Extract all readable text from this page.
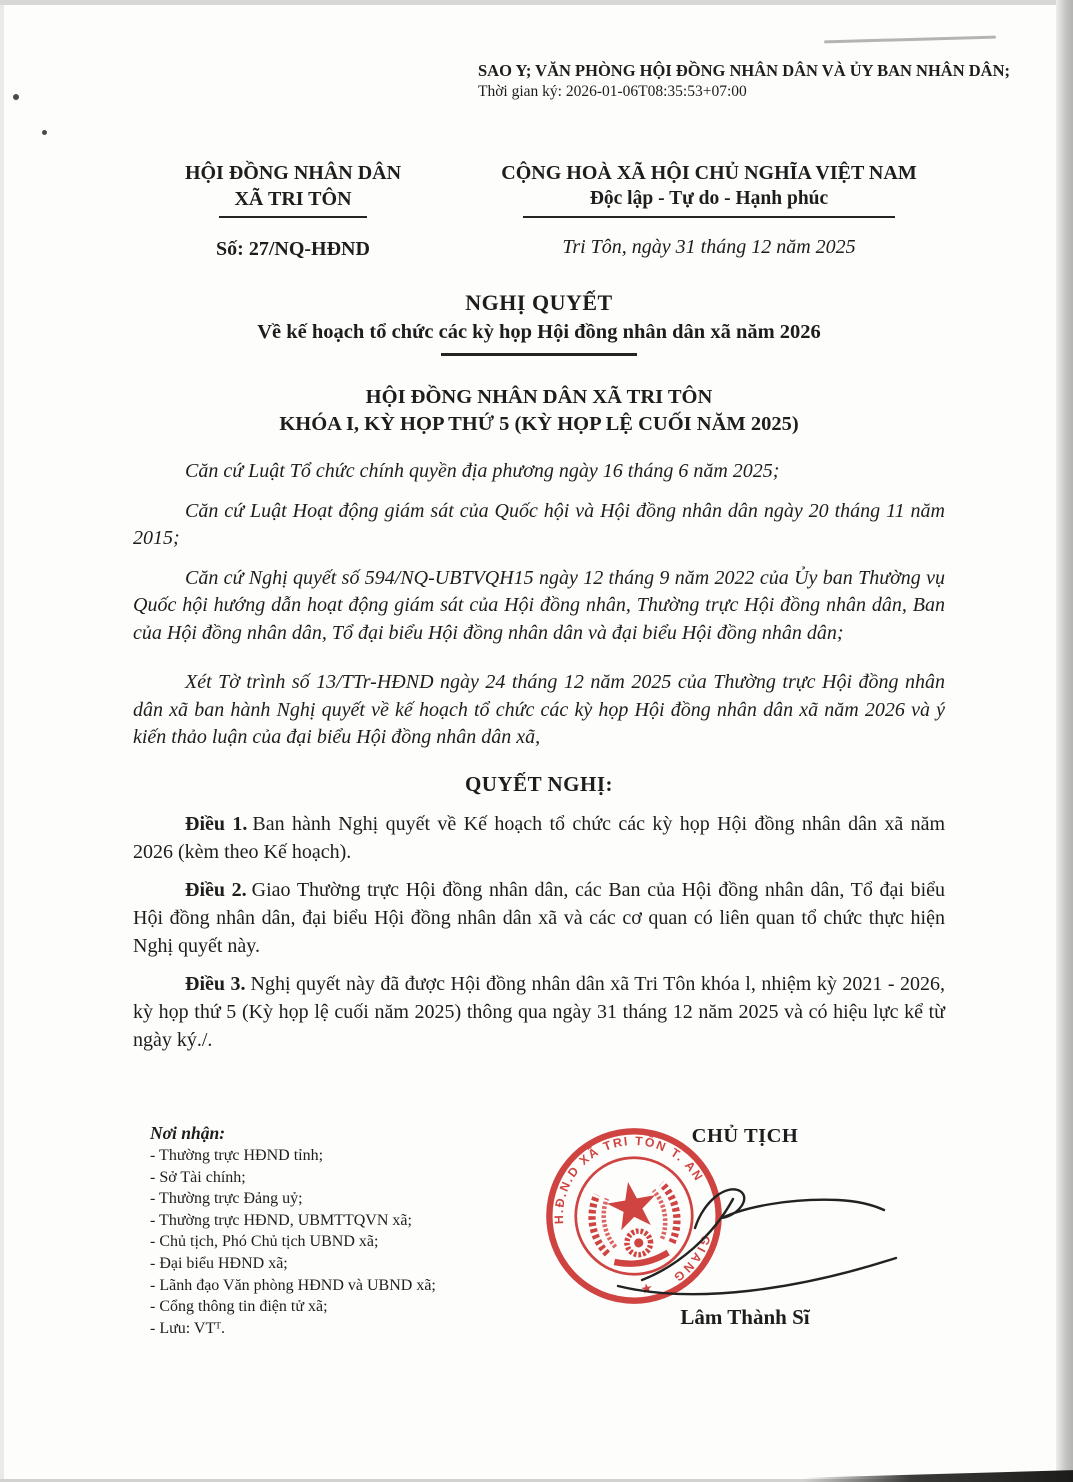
SAO Y; VĂN PHÒNG HỘI ĐỒNG NHÂN DÂN VÀ ỦY BAN NHÂN DÂN;
Thời gian ký: 2026-01-06T08:35:53+07:00
HỘI ĐỒNG NHÂN DÂN
XÃ TRI TÔN
Số: 27/NQ-HĐND
CỘNG HOÀ XÃ HỘI CHỦ NGHĨA VIỆT NAM
Độc lập - Tự do - Hạnh phúc
Tri Tôn, ngày 31 tháng 12 năm 2025
NGHỊ QUYẾT
Về kế hoạch tổ chức các kỳ họp Hội đồng nhân dân xã năm 2026
HỘI ĐỒNG NHÂN DÂN XÃ TRI TÔN
KHÓA I, KỲ HỌP THỨ 5 (KỲ HỌP LỆ CUỐI NĂM 2025)

Căn cứ Luật Tổ chức chính quyền địa phương ngày 16 tháng 6 năm 2025;

Căn cứ Luật Hoạt động giám sát của Quốc hội và Hội đồng nhân dân ngày 20 tháng 11 năm 2015;

Căn cứ Nghị quyết số 594/NQ-UBTVQH15 ngày 12 tháng 9 năm 2022 của Ủy ban Thường vụ Quốc hội hướng dẫn hoạt động giám sát của Hội đồng nhân, Thường trực Hội đồng nhân dân, Ban của Hội đồng nhân dân, Tổ đại biểu Hội đồng nhân dân và đại biểu Hội đồng nhân dân;

Xét Tờ trình số 13/TTr-HĐND ngày 24 tháng 12 năm 2025 của Thường trực Hội đồng nhân dân xã ban hành Nghị quyết về kế hoạch tổ chức các kỳ họp Hội đồng nhân dân xã năm 2026 và ý kiến thảo luận của đại biểu Hội đồng nhân dân xã,

QUYẾT NGHỊ:

Điều 1. Ban hành Nghị quyết về Kế hoạch tổ chức các kỳ họp Hội đồng nhân dân xã năm 2026 (kèm theo Kế hoạch).

Điều 2. Giao Thường trực Hội đồng nhân dân, các Ban của Hội đồng nhân dân, Tổ đại biểu Hội đồng nhân dân, đại biểu Hội đồng nhân dân xã và các cơ quan có liên quan tổ chức thực hiện Nghị quyết này.

Điều 3. Nghị quyết này đã được Hội đồng nhân dân xã Tri Tôn khóa l, nhiệm kỳ 2021 - 2026, kỳ họp thứ 5 (Kỳ họp lệ cuối năm 2025) thông qua ngày 31 tháng 12 năm 2025 và có hiệu lực kể từ ngày ký./.

Nơi nhận:
- Thường trực HĐND tỉnh;
- Sở Tài chính;
- Thường trực Đảng uỷ;
- Thường trực HĐND, UBMTTQVN xã;
- Chủ tịch, Phó Chủ tịch UBND xã;
- Đại biểu HĐND xã;
- Lãnh đạo Văn phòng HĐND và UBND xã;
- Cổng thông tin điện tử xã;
- Lưu: VTᵀ.
CHỦ TỊCH
H.Đ.N.D XÃ TRI TÔN T. AN
GIANG
★
Lâm Thành Sĩ
